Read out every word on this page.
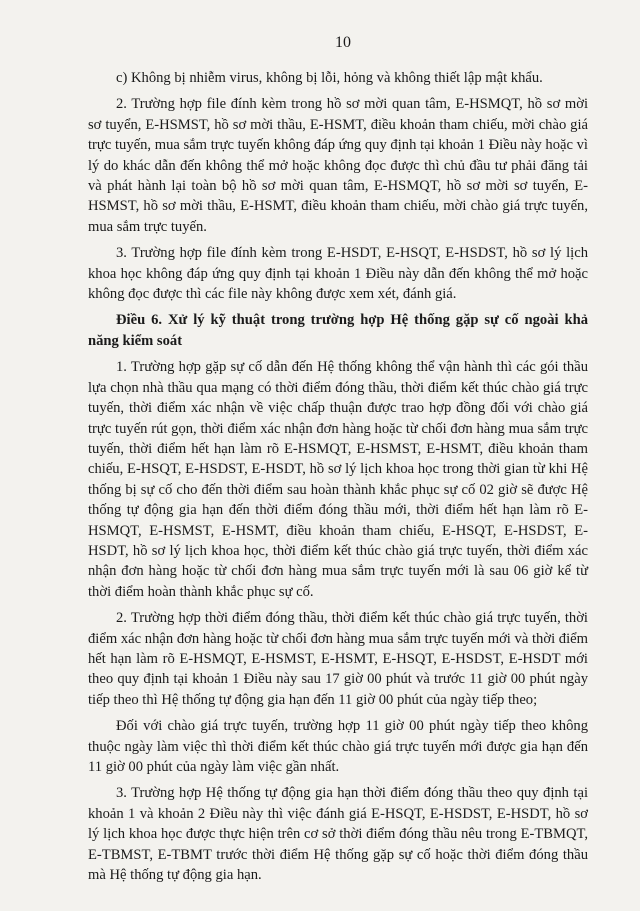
10

c) Không bị nhiễm virus, không bị lỗi, hỏng và không thiết lập mật khẩu.

2. Trường hợp file đính kèm trong hồ sơ mời quan tâm, E-HSMQT, hồ sơ mời sơ tuyển, E-HSMST, hồ sơ mời thầu, E-HSMT, điều khoản tham chiếu, mời chào giá trực tuyến, mua sắm trực tuyến không đáp ứng quy định tại khoản 1 Điều này hoặc vì lý do khác dẫn đến không thể mở hoặc không đọc được thì chủ đầu tư phải đăng tải và phát hành lại toàn bộ hồ sơ mời quan tâm, E-HSMQT, hồ sơ mời sơ tuyển, E-HSMST, hồ sơ mời thầu, E-HSMT, điều khoản tham chiếu, mời chào giá trực tuyến, mua sắm trực tuyến.

3. Trường hợp file đính kèm trong E-HSDT, E-HSQT, E-HSDST, hồ sơ lý lịch khoa học không đáp ứng quy định tại khoản 1 Điều này dẫn đến không thể mở hoặc không đọc được thì các file này không được xem xét, đánh giá.

Điều 6. Xử lý kỹ thuật trong trường hợp Hệ thống gặp sự cố ngoài khả năng kiểm soát

1. Trường hợp gặp sự cố dẫn đến Hệ thống không thể vận hành thì các gói thầu lựa chọn nhà thầu qua mạng có thời điểm đóng thầu, thời điểm kết thúc chào giá trực tuyến, thời điểm xác nhận về việc chấp thuận được trao hợp đồng đối với chào giá trực tuyến rút gọn, thời điểm xác nhận đơn hàng hoặc từ chối đơn hàng mua sắm trực tuyến, thời điểm hết hạn làm rõ E-HSMQT, E-HSMST, E-HSMT, điều khoản tham chiếu, E-HSQT, E-HSDST, E-HSDT, hồ sơ lý lịch khoa học trong thời gian từ khi Hệ thống bị sự cố cho đến thời điểm sau hoàn thành khắc phục sự cố 02 giờ sẽ được Hệ thống tự động gia hạn đến thời điểm đóng thầu mới, thời điểm hết hạn làm rõ E-HSMQT, E-HSMST, E-HSMT, điều khoản tham chiếu, E-HSQT, E-HSDST, E-HSDT, hồ sơ lý lịch khoa học, thời điểm kết thúc chào giá trực tuyến, thời điểm xác nhận đơn hàng hoặc từ chối đơn hàng mua sắm trực tuyến mới là sau 06 giờ kể từ thời điểm hoàn thành khắc phục sự cố.

2. Trường hợp thời điểm đóng thầu, thời điểm kết thúc chào giá trực tuyến, thời điểm xác nhận đơn hàng hoặc từ chối đơn hàng mua sắm trực tuyến mới và thời điểm hết hạn làm rõ E-HSMQT, E-HSMST, E-HSMT, E-HSQT, E-HSDST, E-HSDT mới theo quy định tại khoản 1 Điều này sau 17 giờ 00 phút và trước 11 giờ 00 phút ngày tiếp theo thì Hệ thống tự động gia hạn đến 11 giờ 00 phút của ngày tiếp theo;

Đối với chào giá trực tuyến, trường hợp 11 giờ 00 phút ngày tiếp theo không thuộc ngày làm việc thì thời điểm kết thúc chào giá trực tuyến mới được gia hạn đến 11 giờ 00 phút của ngày làm việc gần nhất.

3. Trường hợp Hệ thống tự động gia hạn thời điểm đóng thầu theo quy định tại khoản 1 và khoản 2 Điều này thì việc đánh giá E-HSQT, E-HSDST, E-HSDT, hồ sơ lý lịch khoa học được thực hiện trên cơ sở thời điểm đóng thầu nêu trong E-TBMQT, E-TBMST, E-TBMT trước thời điểm Hệ thống gặp sự cố hoặc thời điểm đóng thầu mà Hệ thống tự động gia hạn.
